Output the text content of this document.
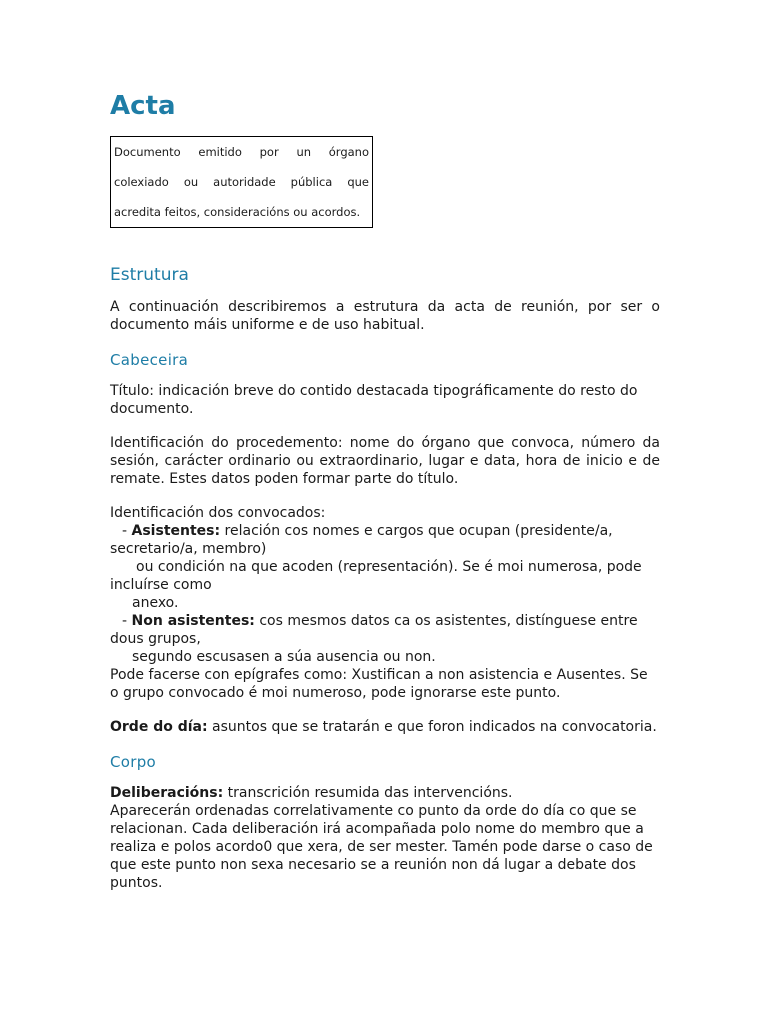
Acta
Documento emitido por un órgano colexiado ou autoridade pública que acredita feitos, consideracións ou acordos.
Estrutura

A continuación describiremos a estrutura da acta de reunión, por ser o documento máis uniforme e de uso habitual.

Cabeceira

Título: indicación breve do contido destacada tipográficamente do resto do documento.

Identificación do procedemento: nome do órgano que convoca, número da sesión, carácter ordinario ou extraordinario, lugar e data, hora de inicio e de remate. Estes datos poden formar parte do título.

Identificación dos convocados:

- Asistentes: relación cos nomes e cargos que ocupan (presidente/a, secretario/a, membro)

ou condición na que acoden (representación). Se é moi numerosa, pode incluírse como

anexo.

- Non asistentes: cos mesmos datos ca os asistentes, distínguese entre dous grupos,

segundo escusasen a súa ausencia ou non.

Pode facerse con epígrafes como: Xustifican a non asistencia e Ausentes. Se o grupo convocado é moi numeroso, pode ignorarse este punto.

Orde do día: asuntos que se tratarán e que foron indicados na convocatoria.

Corpo

Deliberacións: transcrición resumida das intervencións.

Aparecerán ordenadas correlativamente co punto da orde do día co que se relacionan. Cada deliberación irá acompañada polo nome do membro que a realiza e polos acordo0 que xera, de ser mester. Tamén pode darse o caso de que este punto non sexa necesario se a reunión non dá lugar a debate dos puntos.
